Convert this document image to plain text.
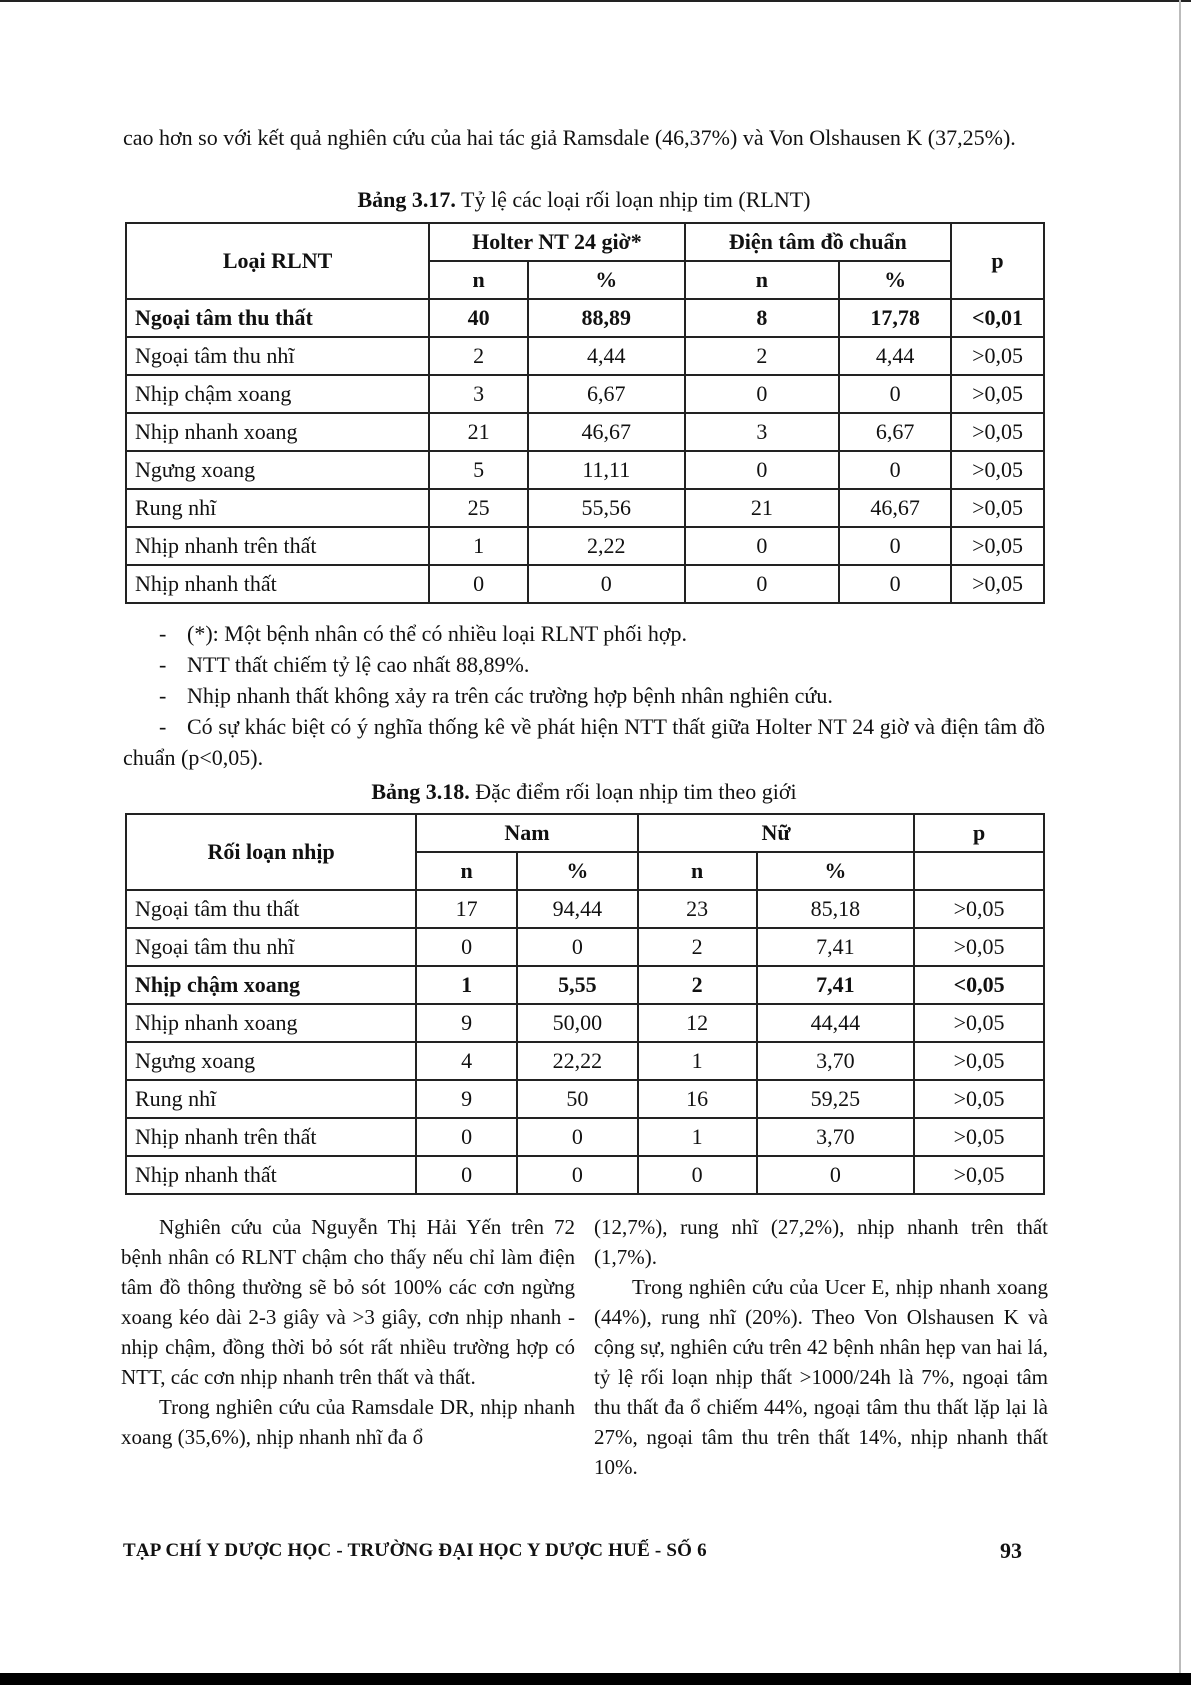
cao hơn so với kết quả nghiên cứu của hai tác giả Ramsdale (46,37%) và Von Olshausen K (37,25%).

Bảng 3.17. Tỷ lệ các loại rối loạn nhịp tim (RLNT)

Loại RLNT	Holter NT 24 giờ*		Điện tâm đồ chuẩn		p
	n	%	n	%	
Ngoại tâm thu thất	40	88,89	8	17,78	<0,01
Ngoại tâm thu nhĩ	2	4,44	2	4,44	>0,05
Nhịp chậm xoang	3	6,67	0	0	>0,05
Nhịp nhanh xoang	21	46,67	3	6,67	>0,05
Ngưng xoang	5	11,11	0	0	>0,05
Rung nhĩ	25	55,56	21	46,67	>0,05
Nhịp nhanh trên thất	1	2,22	0	0	>0,05
Nhịp nhanh thất	0	0	0	0	>0,05
- (*): Một bệnh nhân có thể có nhiều loại RLNT phối hợp.
- NTT thất chiếm tỷ lệ cao nhất 88,89%.
- Nhịp nhanh thất không xảy ra trên các trường hợp bệnh nhân nghiên cứu.
- Có sự khác biệt có ý nghĩa thống kê về phát hiện NTT thất giữa Holter NT 24 giờ và điện tâm đồ chuẩn (p<0,05).

Bảng 3.18. Đặc điểm rối loạn nhịp tim theo giới

Rối loạn nhịp	Nam		Nữ		p
	n	%	n	%	
Ngoại tâm thu thất	17	94,44	23	85,18	>0,05
Ngoại tâm thu nhĩ	0	0	2	7,41	>0,05
Nhịp chậm xoang	1	5,55	2	7,41	<0,05
Nhịp nhanh xoang	9	50,00	12	44,44	>0,05
Ngưng xoang	4	22,22	1	3,70	>0,05
Rung nhĩ	9	50	16	59,25	>0,05
Nhịp nhanh trên thất	0	0	1	3,70	>0,05
Nhịp nhanh thất	0	0	0	0	>0,05

Nghiên cứu của Nguyễn Thị Hải Yến trên 72 bệnh nhân có RLNT chậm cho thấy nếu chỉ làm điện tâm đồ thông thường sẽ bỏ sót 100% các cơn ngừng xoang kéo dài 2-3 giây và >3 giây, cơn nhịp nhanh - nhịp chậm, đồng thời bỏ sót rất nhiều trường hợp có NTT, các cơn nhịp nhanh trên thất và thất.

Trong nghiên cứu của Ramsdale DR, nhịp nhanh xoang (35,6%), nhịp nhanh nhĩ đa ổ

(12,7%), rung nhĩ (27,2%), nhịp nhanh trên thất (1,7%).

Trong nghiên cứu của Ucer E, nhịp nhanh xoang (44%), rung nhĩ (20%). Theo Von Olshausen K và cộng sự, nghiên cứu trên 42 bệnh nhân hẹp van hai lá, tỷ lệ rối loạn nhịp thất >1000/24h là 7%, ngoại tâm thu thất đa ổ chiếm 44%, ngoại tâm thu thất lặp lại là 27%, ngoại tâm thu trên thất 14%, nhịp nhanh thất 10%.

TẠP CHÍ Y DƯỢC HỌC - TRƯỜNG ĐẠI HỌC Y DƯỢC HUẾ - SỐ 6	93
